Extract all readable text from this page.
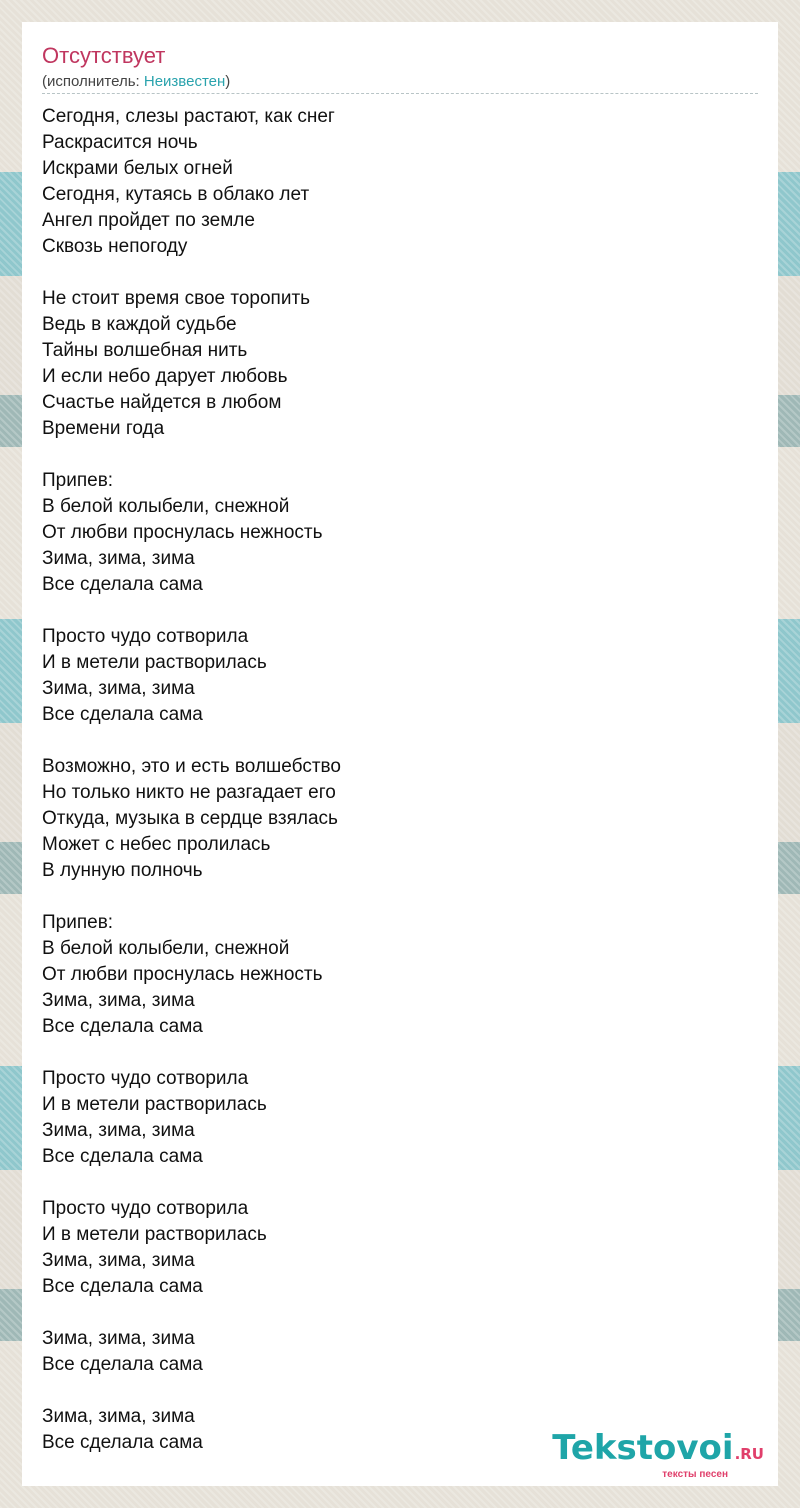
Отсутствует
(исполнитель: Неизвестен)
Сегодня, слезы растают, как снег
Раскрасится ночь
Искрами белых огней
Сегодня, кутаясь в облако лет
Ангел пройдет по земле
Сквозь непогоду

Не стоит время свое торопить
Ведь в каждой судьбе
Тайны волшебная нить
И если небо дарует любовь
Счастье найдется в любом
Времени года

Припев:
В белой колыбели, снежной
От любви проснулась нежность
Зима, зима, зима
Все сделала сама

Просто чудо сотворила
И в метели растворилась
Зима, зима, зима
Все сделала сама

Возможно, это и есть волшебство
Но только никто не разгадает его
Откуда, музыка в сердце взялась
Может с небес пролилась
В лунную полночь

Припев:
В белой колыбели, снежной
От любви проснулась нежность
Зима, зима, зима
Все сделала сама

Просто чудо сотворила
И в метели растворилась
Зима, зима, зима
Все сделала сама

Просто чудо сотворила
И в метели растворилась
Зима, зима, зима
Все сделала сама

Зима, зима, зима
Все сделала сама

Зима, зима, зима
Все сделала сама	Tekstovoi.RU
тексты песен
